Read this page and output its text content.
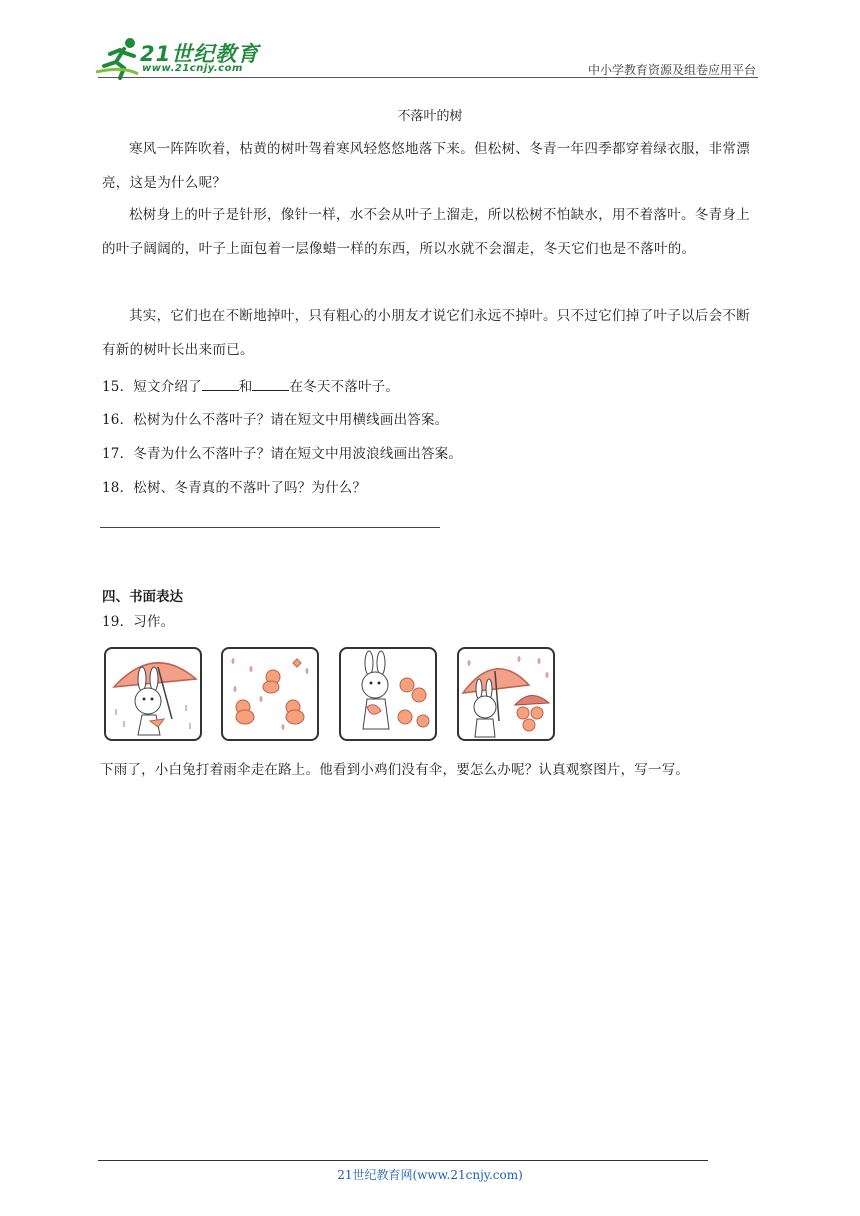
21世纪教育
www.21cnjy.com	中小学教育资源及组卷应用平台
不落叶的树
寒风一阵阵吹着，枯黄的树叶驾着寒风轻悠悠地落下来。但松树、冬青一年四季都穿着绿衣服，非常漂亮，这是为什么呢？
松树身上的叶子是针形，像针一样，水不会从叶子上溜走，所以松树不怕缺水，用不着落叶。冬青身上的叶子阔阔的，叶子上面包着一层像蜡一样的东西，所以水就不会溜走，冬天它们也是不落叶的。
其实，它们也在不断地掉叶，只有粗心的小朋友才说它们永远不掉叶。只不过它们掉了叶子以后会不断有新的树叶长出来而已。
15．短文介绍了	和	在冬天不落叶子。
16．松树为什么不落叶子？请在短文中用横线画出答案。
17．冬青为什么不落叶子？请在短文中用波浪线画出答案。
18．松树、冬青真的不落叶了吗？为什么？
四、书面表达
19．习作。
下雨了，小白兔打着雨伞走在路上。他看到小鸡们没有伞，要怎么办呢？认真观察图片，写一写。
21世纪教育网(www.21cnjy.com)
